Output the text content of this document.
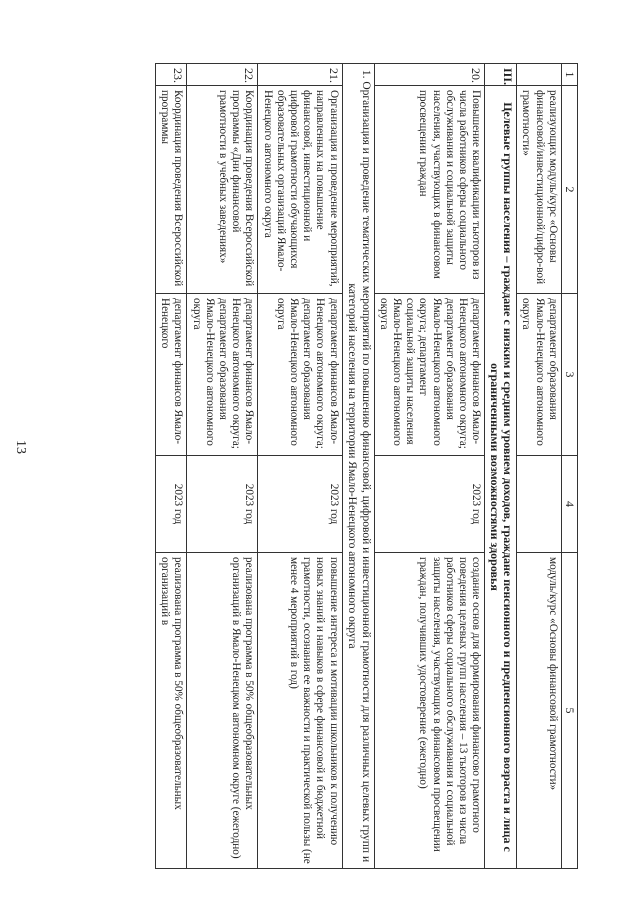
13
1	2	3	4	5
	реализующих модуль/курс «Основы финансовой/инвестиционной/цифро-вой грамотности»	департамент образования Ямало-Ненецкого автономного округа		модуль/курс «Основы финансовой грамотности»
III.	Целевые группы населения – граждане с низким и средним уровнем доходов, граждане пенсионного и предпенсионного возраста и лица с ограниченными возможностями здоровья			
20.	Повышение квалификации тьюторов из числа работников сферы социального обслуживания и социальной защиты населения, участвующих в финансовом просвещении граждан	департамент финансов Ямало-Ненецкого автономного округа; департамент образования Ямало-Ненецкого автономного округа; департамент социальной защиты населения Ямало-Ненецкого автономного округа	2023 год	создание основ для формирования финансово грамотного поведения целевых групп населения – 13 тьюторов из числа работников сферы социального обслуживания и социальной защиты населения, участвующих в финансовом просвещении граждан, получивших удостоверение (ежегодно)
1. Организация и проведение тематических мероприятий по повышению финансовой, цифровой и инвестиционной грамотности для различных целевых групп и категорий населения на территории Ямало-Ненецкого автономного округа				
21.	Организация и проведение мероприятий, направленных на повышение финансовой, инвестиционной и цифровой грамотности обучающихся образовательных организаций Ямало-Ненецкого автономного округа	департамент финансов Ямало-Ненецкого автономного округа; департамент образования Ямало-Ненецкого автономного округа	2023 год	повышение интереса и мотивации школьников к получению новых знаний и навыков в сфере финансовой и бюджетной грамотности, осознания ее важности и практической пользы (не менее 4 мероприятий в год)
22.	Координация проведения Всероссийской программы «Дни финансовой грамотности в учебных заведениях»	департамент финансов Ямало-Ненецкого автономного округа; департамент образования Ямало-Ненецкого автономного округа	2023 год	реализована программа в 50% общеобразовательных организаций в Ямало-Ненецком автономном округе (ежегодно)
23.	Координация проведения Всероссийской программы	департамент финансов Ямало-Ненецкого	2023 год	реализована программа в 50% общеобразовательных организаций в
